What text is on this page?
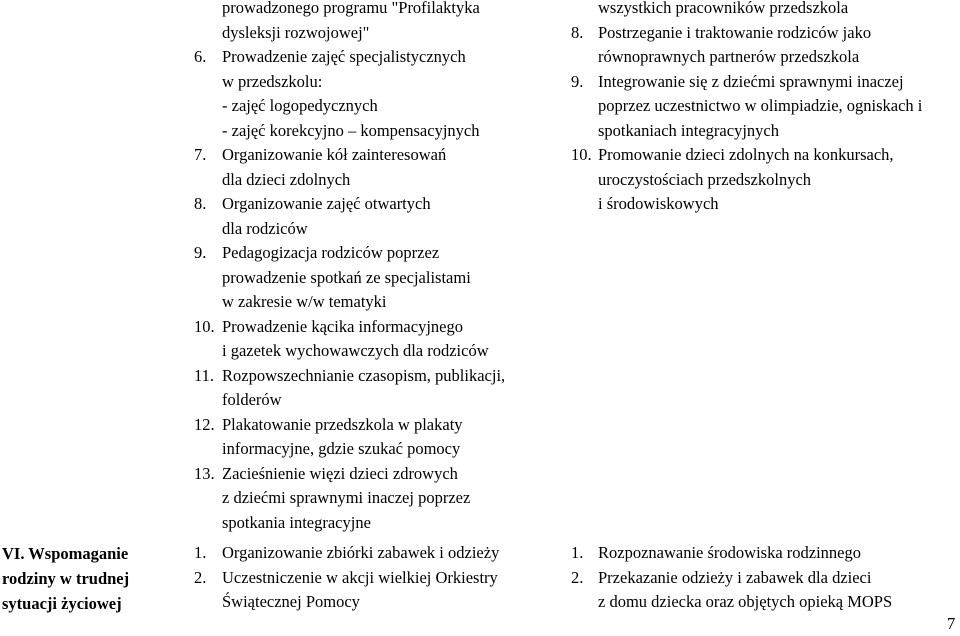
VI. Wspomaganie
rodziny w trudnej
sytuacji życiowej
7
prowadzonego programu "Profilaktyka
dysleksji rozwojowej"
6. Prowadzenie zajęć specjalistycznych
w przedszkolu:
- zajęć logopedycznych
- zajęć korekcyjno – kompensacyjnych
7. Organizowanie kół zainteresowań
dla dzieci zdolnych
8. Organizowanie zajęć otwartych
dla rodziców
9. Pedagogizacja rodziców poprzez
prowadzenie spotkań ze specjalistami
w zakresie w/w tematyki
10. Prowadzenie kącika informacyjnego
i gazetek wychowawczych dla rodziców
11. Rozpowszechnianie czasopism, publikacji,
folderów
12. Plakatowanie przedszkola w plakaty
informacyjne, gdzie szukać pomocy
13. Zacieśnienie więzi dzieci zdrowych
z dziećmi sprawnymi inaczej poprzez
spotkania integracyjne
wszystkich pracowników przedszkola
8. Postrzeganie i traktowanie rodziców jako
równoprawnych partnerów przedszkola
9. Integrowanie się z dziećmi sprawnymi inaczej
poprzez uczestnictwo w olimpiadzie, ogniskach i
spotkaniach integracyjnych
10. Promowanie dzieci zdolnych na konkursach,
uroczystościach przedszkolnych
i środowiskowych
1. Organizowanie zbiórki zabawek i odzieży
2. Uczestniczenie w akcji wielkiej Orkiestry
Świątecznej Pomocy
1. Rozpoznawanie środowiska rodzinnego
2. Przekazanie odzieży i zabawek dla dzieci
z domu dziecka oraz objętych opieką MOPS
